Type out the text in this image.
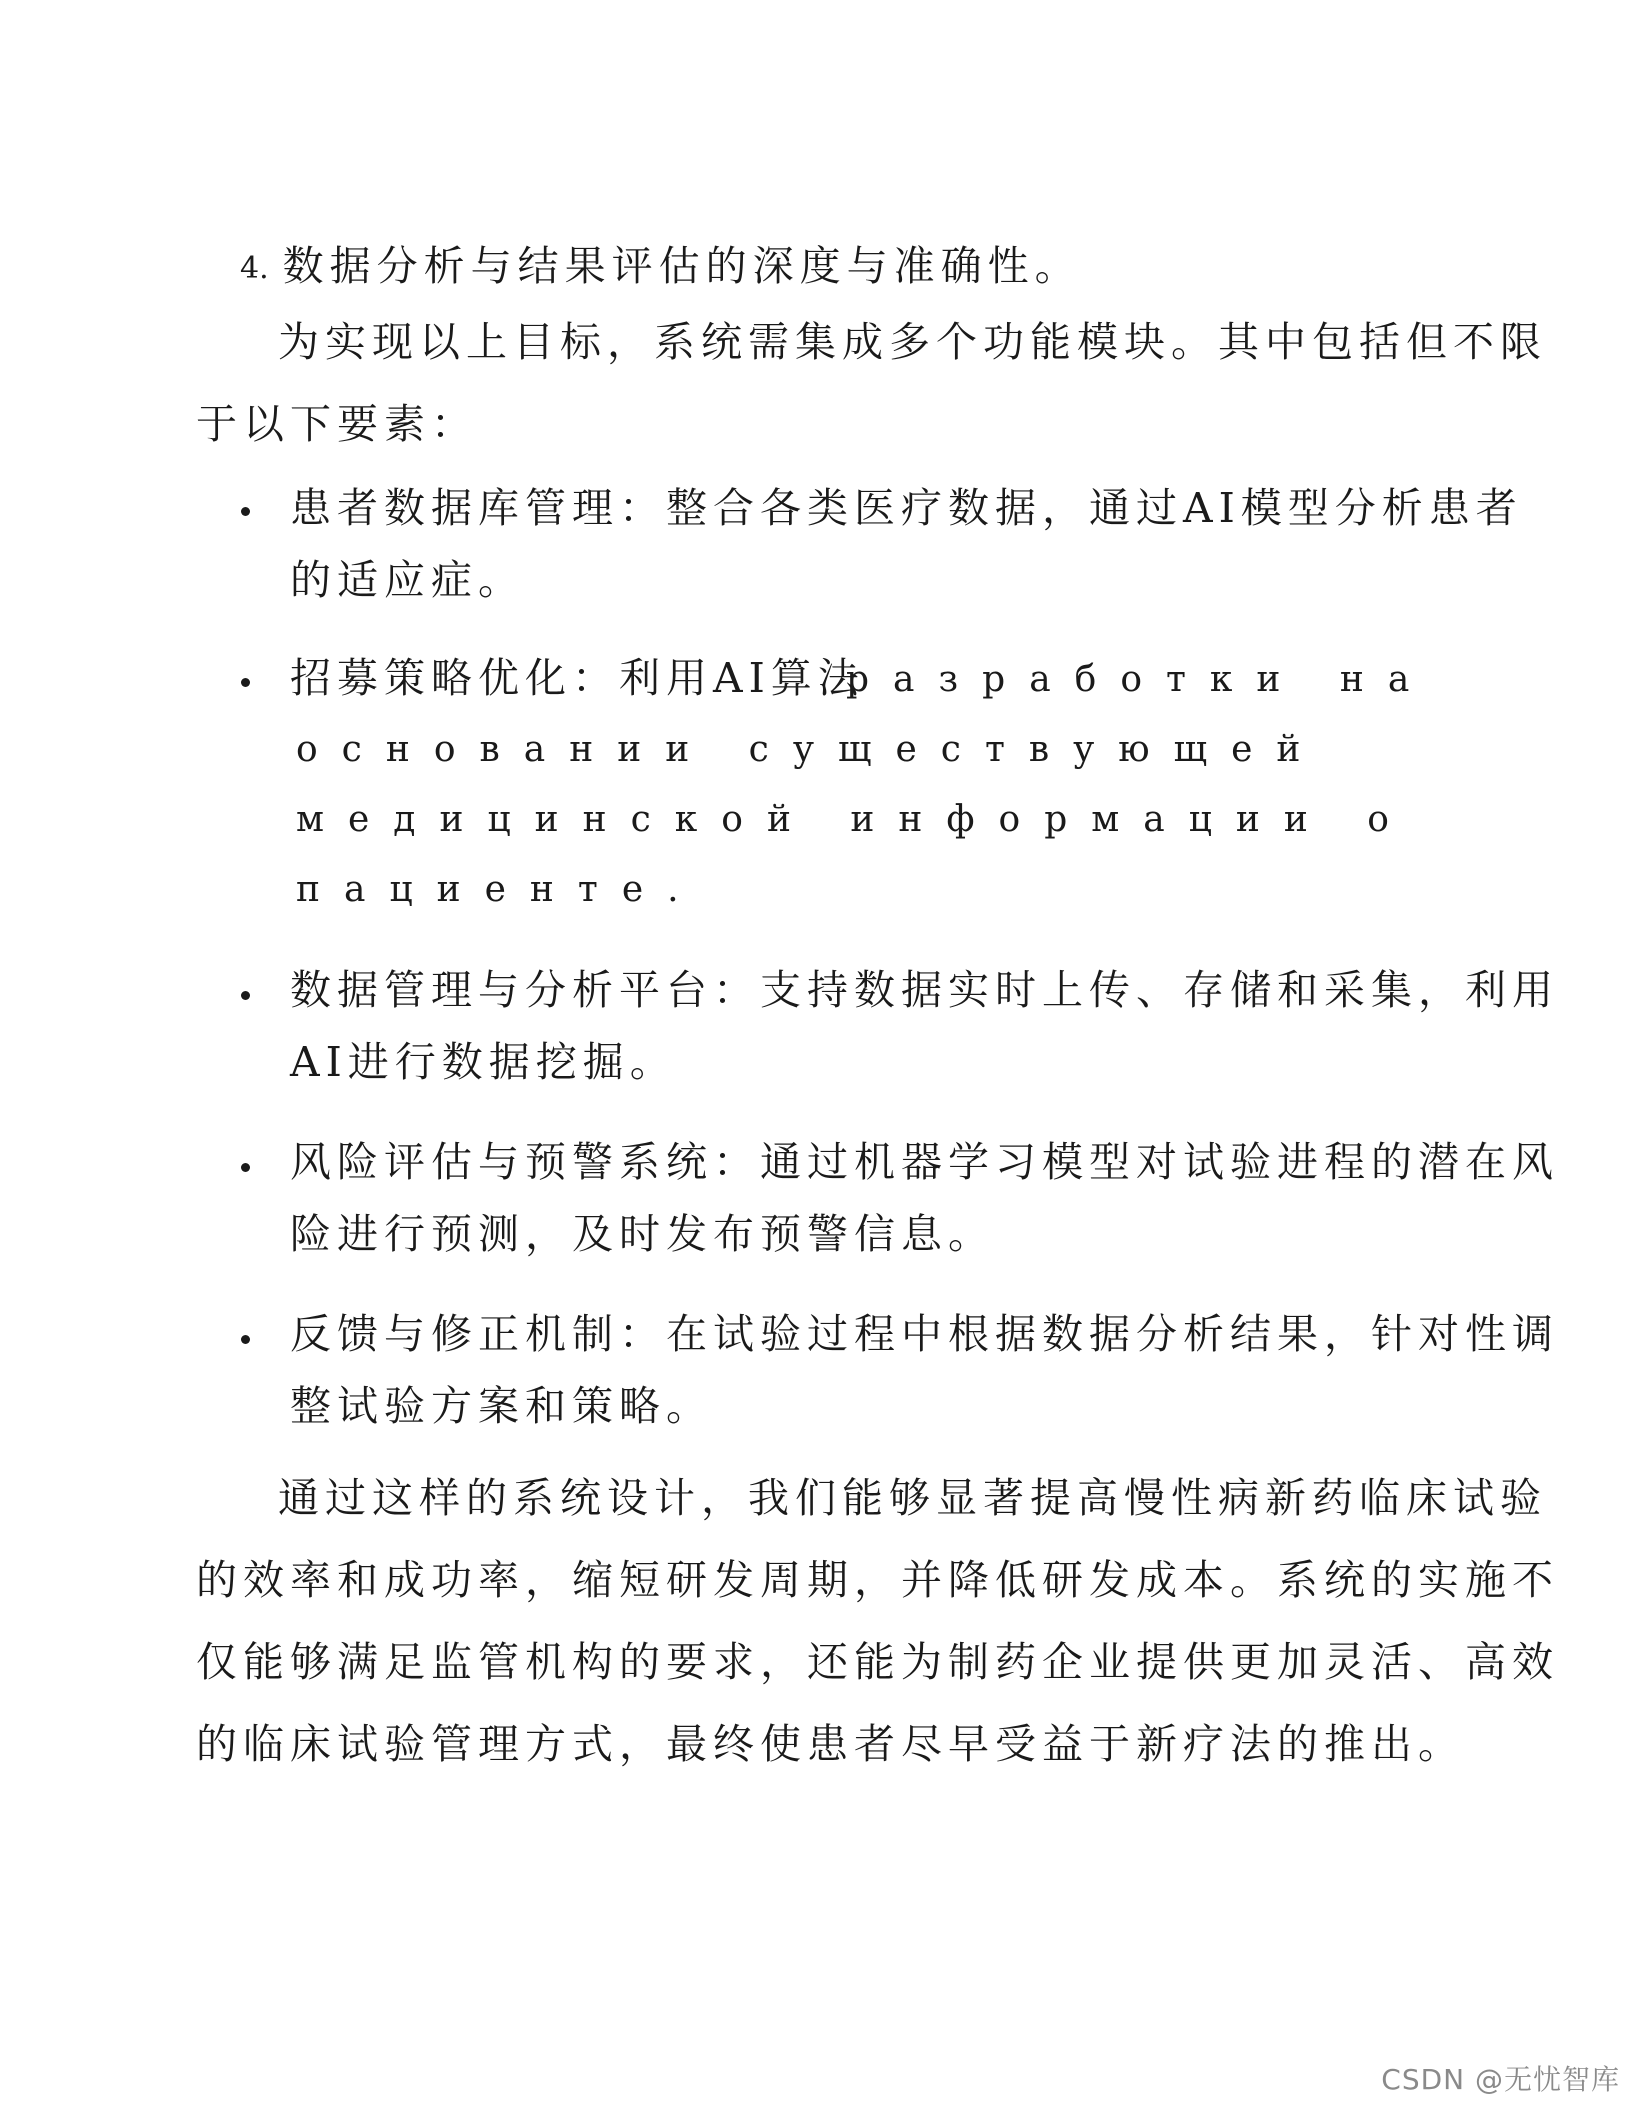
4. 数据分析与结果评估的深度与准确性。
为实现以上目标，系统需集成多个功能模块。其中包括但不限
于以下要素：
患者数据库管理：整合各类医疗数据，通过AI模型分析患者
的适应症。
招募策略优化：利用AI算法
разработки на
основании существующей
медицинской информации о
пациенте.
数据管理与分析平台：支持数据实时上传、存储和采集，利用
AI进行数据挖掘。
风险评估与预警系统：通过机器学习模型对试验进程的潜在风
险进行预测，及时发布预警信息。
反馈与修正机制：在试验过程中根据数据分析结果，针对性调
整试验方案和策略。
通过这样的系统设计，我们能够显著提高慢性病新药临床试验
的效率和成功率，缩短研发周期，并降低研发成本。系统的实施不
仅能够满足监管机构的要求，还能为制药企业提供更加灵活、高效
的临床试验管理方式，最终使患者尽早受益于新疗法的推出。
CSDN @无忧智库
